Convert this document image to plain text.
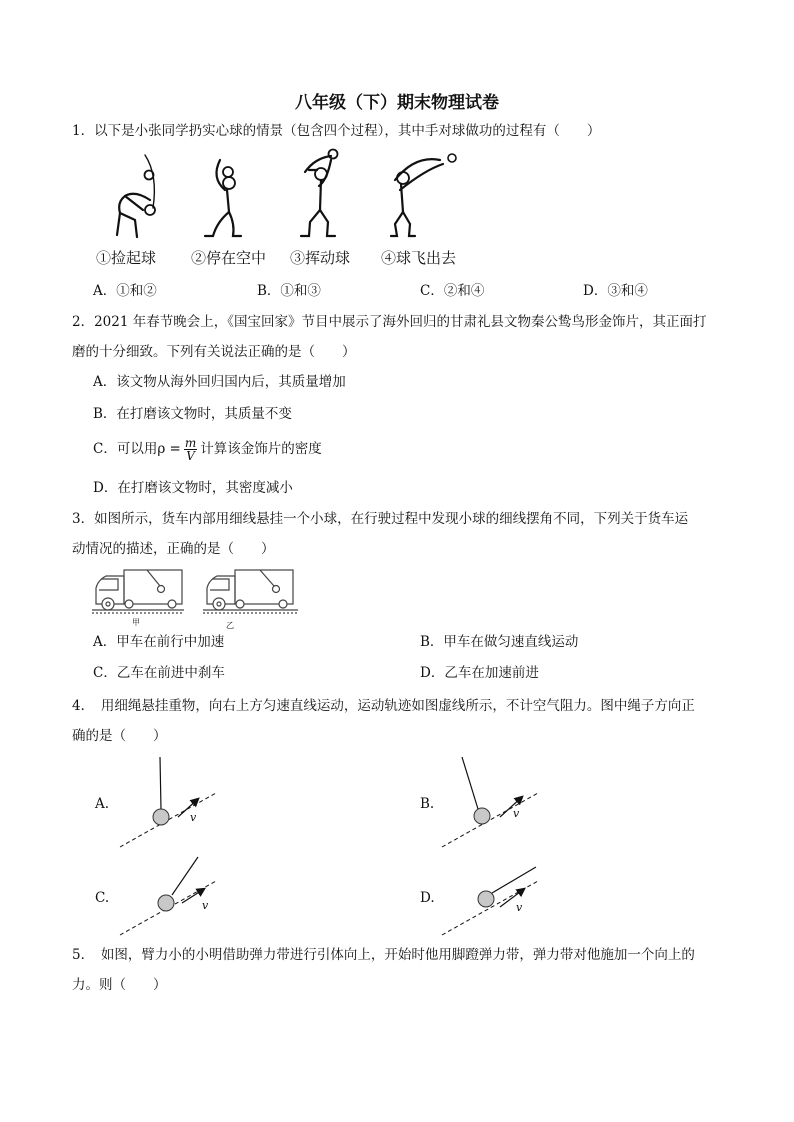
八年级（下）期末物理试卷
1．以下是小张同学扔实心球的情景（包含四个过程），其中手对球做功的过程有（　　）
①捡起球 ②停在空中 ③挥动球 ④球飞出去
A．①和②	B．①和③	C．②和④	D．③和④
2．2021 年春节晚会上，《国宝回家》节目中展示了海外回归的甘肃礼县文物秦公鸷鸟形金饰片，其正面打
磨的十分细致。下列有关说法正确的是（　　）
A．该文物从海外回归国内后，其质量增加
B．在打磨该文物时，其质量不变
C．可以用$\rho = \frac{m}{V}$ 计算该金饰片的密度
D．在打磨该文物时，其密度减小
3．如图所示，货车内部用细线悬挂一个小球，在行驶过程中发现小球的细线摆角不同，下列关于货车运
动情况的描述，正确的是（　　）
甲	乙
A．甲车在前行中加速	B．甲车在做匀速直线运动
C．乙车在前进中刹车	D．乙车在加速前进
4．　用细绳悬挂重物，向右上方匀速直线运动，运动轨迹如图虚线所示，不计空气阻力。图中绳子方向正
确的是（　　）
A.	B.
C.	D.
v	v
v	v
5．　如图，臂力小的小明借助弹力带进行引体向上，开始时他用脚蹬弹力带，弹力带对他施加一个向上的
力。则（　　）
